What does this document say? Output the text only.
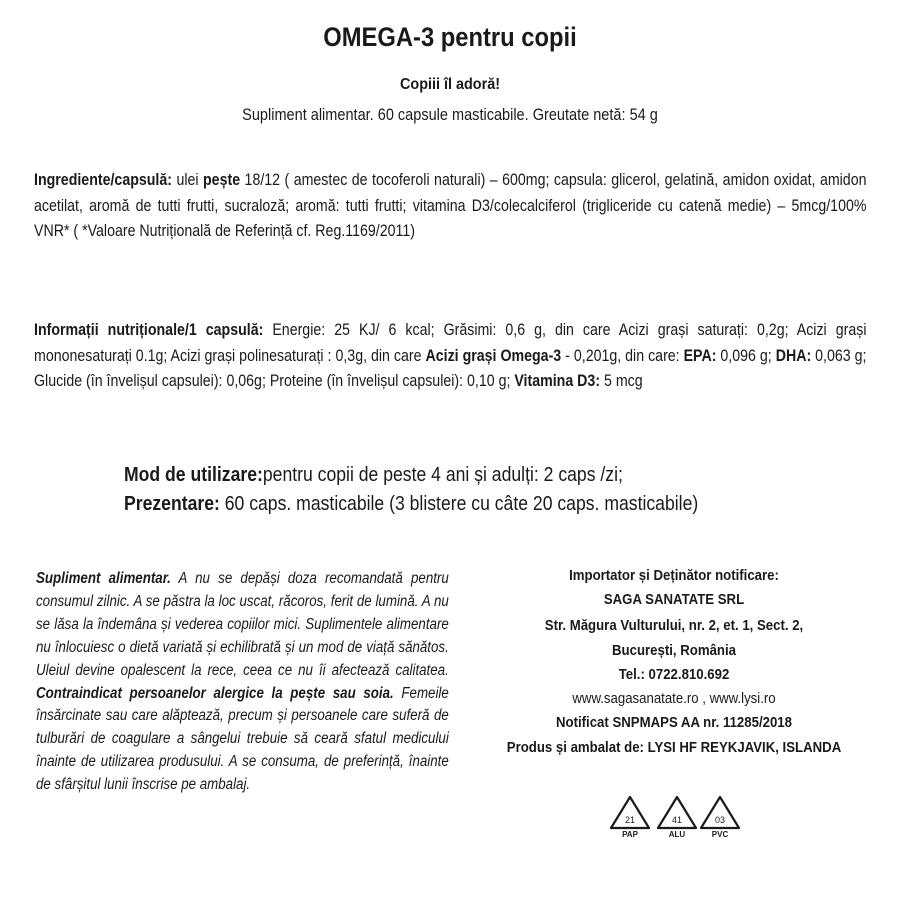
OMEGA-3 pentru copii
Copiii îl adoră!
Supliment alimentar. 60 capsule masticabile. Greutate netă: 54 g
Ingrediente/capsulă: ulei pește 18/12 ( amestec de tocoferoli naturali) – 600mg; capsula: glicerol, gelatină, amidon oxidat, amidon acetilat, aromă de tutti frutti, sucraloză; aromă: tutti frutti; vitamina D3/colecalciferol (trigliceride cu catenă medie) – 5mcg/100% VNR* ( *Valoare Nutrițională de Referință cf. Reg.1169/2011)
Informații nutriționale/1 capsulă: Energie: 25 KJ/ 6 kcal; Grăsimi: 0,6 g, din care Acizi grași saturați: 0,2g; Acizi grași mononesaturați 0.1g; Acizi grași polinesaturați : 0,3g, din care Acizi grași Omega-3 - 0,201g, din care: EPA: 0,096 g; DHA: 0,063 g; Glucide (în învelișul capsulei): 0,06g; Proteine (în învelișul capsulei): 0,10 g; Vitamina D3: 5 mcg
Mod de utilizare:pentru copii de peste 4 ani și adulți: 2 caps /zi;
Prezentare: 60 caps. masticabile (3 blistere cu câte 20 caps. masticabile)
Supliment alimentar. A nu se depăși doza recomandată pentru consumul zilnic. A se păstra la loc uscat, răcoros, ferit de lumină. A nu se lăsa la îndemâna și vederea copiilor mici. Suplimentele alimentare nu înlocuiesc o dietă variată și echilibrată și un mod de viață sănătos. Uleiul devine opalescent la rece, ceea ce nu îi afectează calitatea. Contraindicat persoanelor alergice la pește sau soia. Femeile însărcinate sau care alăptează, precum și persoanele care suferă de tulburări de coagulare a sângelui trebuie să ceară sfatul medicului înainte de utilizarea produsului. A se consuma, de preferință, înainte de sfârșitul lunii înscrise pe ambalaj.
Importator și Deținător notificare:
SAGA SANATATE SRL
Str. Măgura Vulturului, nr. 2, et. 1, Sect. 2,
București, România
Tel.: 0722.810.692
www.sagasanatate.ro , www.lysi.ro
Notificat SNPMAPS AA nr. 11285/2018
Produs și ambalat de: LYSI HF REYKJAVIK, ISLANDA
21
PAP
41
ALU
03
PVC
